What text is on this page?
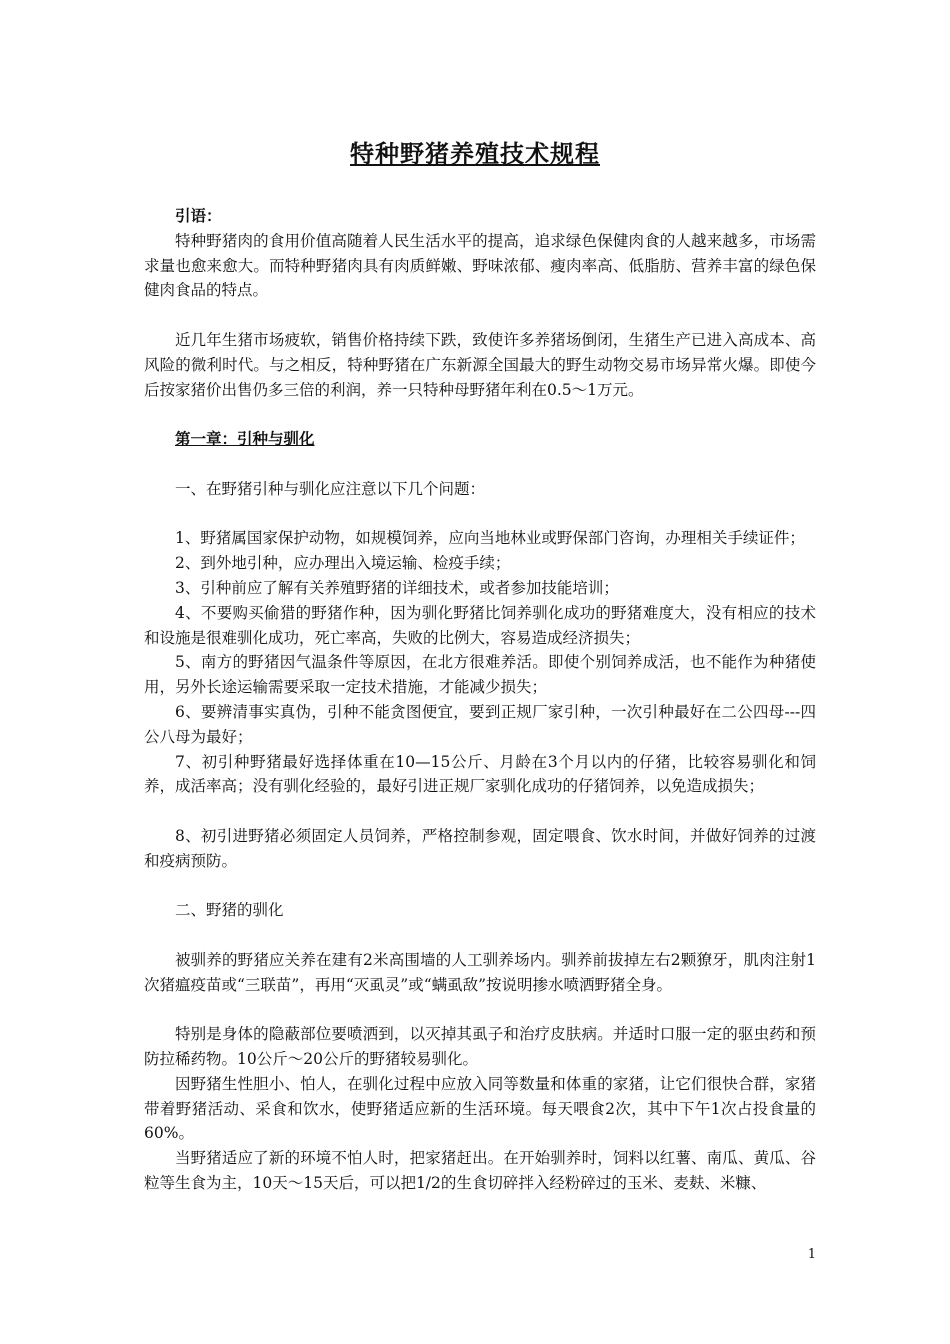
特种野猪养殖技术规程

引语：

特种野猪肉的食用价值高随着人民生活水平的提高，追求绿色保健肉食的人越来越多，市场需求量也愈来愈大。而特种野猪肉具有肉质鲜嫩、野味浓郁、瘦肉率高、低脂肪、营养丰富的绿色保健肉食品的特点。

近几年生猪市场疲软，销售价格持续下跌，致使许多养猪场倒闭，生猪生产已进入高成本、高风险的微利时代。与之相反，特种野猪在广东新源全国最大的野生动物交易市场异常火爆。即使今后按家猪价出售仍多三倍的利润，养一只特种母野猪年利在0.5～1万元。

第一章：引种与驯化

一、在野猪引种与驯化应注意以下几个问题：

1、野猪属国家保护动物，如规模饲养，应向当地林业或野保部门咨询，办理相关手续证件；

2、到外地引种，应办理出入境运输、检疫手续；

3、引种前应了解有关养殖野猪的详细技术，或者参加技能培训；

4、不要购买偷猎的野猪作种，因为驯化野猪比饲养驯化成功的野猪难度大，没有相应的技术和设施是很难驯化成功，死亡率高，失败的比例大，容易造成经济损失；

5、南方的野猪因气温条件等原因，在北方很难养活。即使个别饲养成活，也不能作为种猪使用，另外长途运输需要采取一定技术措施，才能减少损失；

6、要辨清事实真伪，引种不能贪图便宜，要到正规厂家引种，一次引种最好在二公四母---四公八母为最好；

7、初引种野猪最好选择体重在10—15公斤、月龄在3个月以内的仔猪，比较容易驯化和饲养，成活率高；没有驯化经验的，最好引进正规厂家驯化成功的仔猪饲养，以免造成损失；

8、初引进野猪必须固定人员饲养，严格控制参观，固定喂食、饮水时间，并做好饲养的过渡和疫病预防。

二、野猪的驯化

被驯养的野猪应关养在建有2米高围墙的人工驯养场内。驯养前拔掉左右2颗獠牙，肌肉注射1次猪瘟疫苗或“三联苗”，再用“灭虱灵”或“螨虱敌”按说明掺水喷洒野猪全身。

特别是身体的隐蔽部位要喷洒到，以灭掉其虱子和治疗皮肤病。并适时口服一定的驱虫药和预防拉稀药物。10公斤～20公斤的野猪较易驯化。

因野猪生性胆小、怕人，在驯化过程中应放入同等数量和体重的家猪，让它们很快合群，家猪带着野猪活动、采食和饮水，使野猪适应新的生活环境。每天喂食2次，其中下午1次占投食量的60%。

当野猪适应了新的环境不怕人时，把家猪赶出。在开始驯养时，饲料以红薯、南瓜、黄瓜、谷粒等生食为主，10天～15天后，可以把1/2的生食切碎拌入经粉碎过的玉米、麦麸、米糠、

1
